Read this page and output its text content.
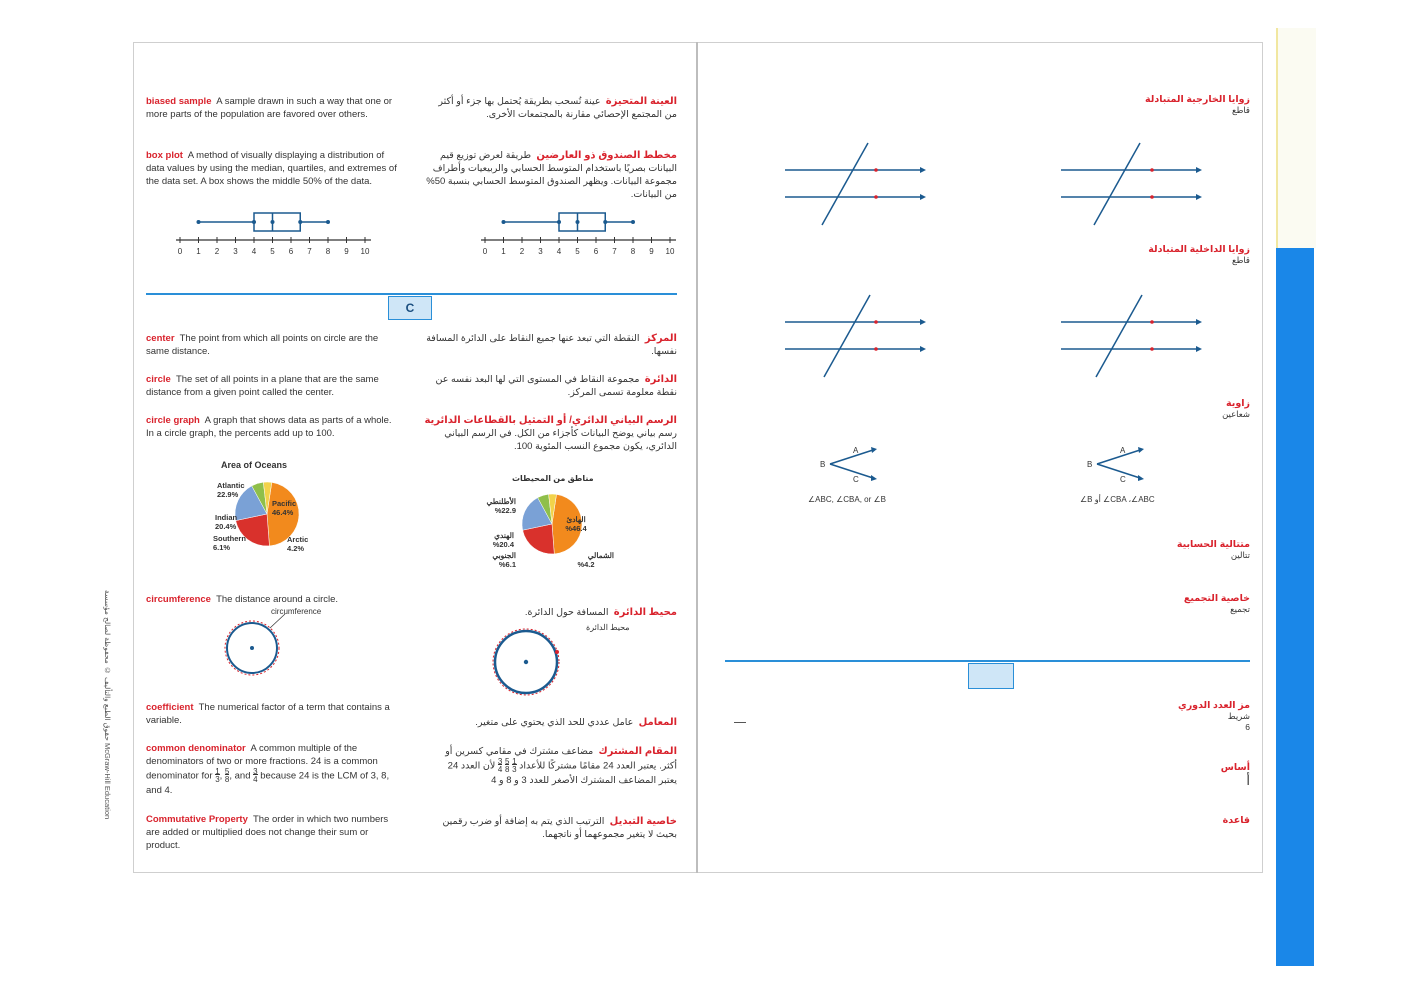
حقوق الطبع والتأليف © محفوظة لصالح مؤسسة McGraw-Hill Education
biased sample A sample drawn in such a way that one or more parts of the population are favored over others.
العينة المتحيزة  عينة تُسحب بطريقة يُحتمل بها جزء أو أكثر من المجتمع الإحصائي مقارنة بالمجتمعات الأخرى.
box plot A method of visually displaying a distribution of data values by using the median, quartiles, and extremes of the data set. A box shows the middle 50% of the data.
مخطط الصندوق ذو العارضين  طريقة لعرض توزيع قيم البيانات بصريًا باستخدام المتوسط الحسابي والربيعيات وأطراف مجموعة البيانات. ويظهر الصندوق المتوسط الحسابي بنسبة 50% من البيانات.
0 1 2 3 4 5 6 7 8 9 10	0 1 2 3 4 5 6 7 8 9 10
C
center The point from which all points on circle are the same distance.
المركز  النقطة التي تبعد عنها جميع النقاط على الدائرة المسافة نفسها.
circle The set of all points in a plane that are the same distance from a given point called the center.
الدائرة  مجموعة النقاط في المستوى التي لها البعد نفسه عن نقطة معلومة تسمى المركز.
circle graph A graph that shows data as parts of a whole. In a circle graph, the percents add up to 100.
الرسم البياني الدائري/ أو التمثيل بالقطاعات الدائرية  رسم بياني يوضح البيانات كأجزاء من الكل. في الرسم البياني الدائري، يكون مجموع النسب المئوية 100.
Area of Oceans
Atlantic
22.9%
Indian
20.4%
Southern
6.1%
Pacific
46.4%
Arctic
4.2%
مناطق من المحيطات
الأطلنطي
%22.9
الهندي
%20.4
الجنوبي
%6.1
الهادئ
%46.4
الشمالي
%4.2
circumference The distance around a circle.
محيط الدائرة  المسافة حول الدائرة.
circumference
محيط الدائرة
coefficient The numerical factor of a term that contains a variable.	المعامل  عامل عددي للحد الذي يحتوي على متغير.
common denominator A common multiple of the denominators of two or more fractions. 24 is a common denominator for $\frac{1}{3}$, $\frac{5}{8}$, and $\frac{3}{4}$ because 24 is the LCM of 3, 8, and 4.
المقام المشترك  مضاعف مشترك في مقامي كسرين أو أكثر. يعتبر العدد 24 مقامًا مشتركًا للأعداد $\frac{1}{3} \frac{5}{8} \frac{3}{4}$ لأن العدد 24 يعتبر المضاعف المشترك الأصغر للعدد 3 و 8 و 4
Commutative Property The order in which two numbers are added or multiplied does not change their sum or product.
خاصية التبديل  الترتيب الذي يتم به إضافة أو ضرب رقمين بحيث لا يتغير مجموعهما أو ناتجهما.
زوايا الخارجية المتبادلة
قاطع
زوايا الداخلية المتبادلة
قاطع
زاوية
شعاعين
متتالية الحسابية
تتالين
خاصية التجميع
تجميع
مز العدد الدوري
شريط
6
أساس
أ
قاعدة
B
A
C
∠ABC, ∠CBA, or ∠B
B
A
C
∠B أو ∠CBA ،∠ABC
